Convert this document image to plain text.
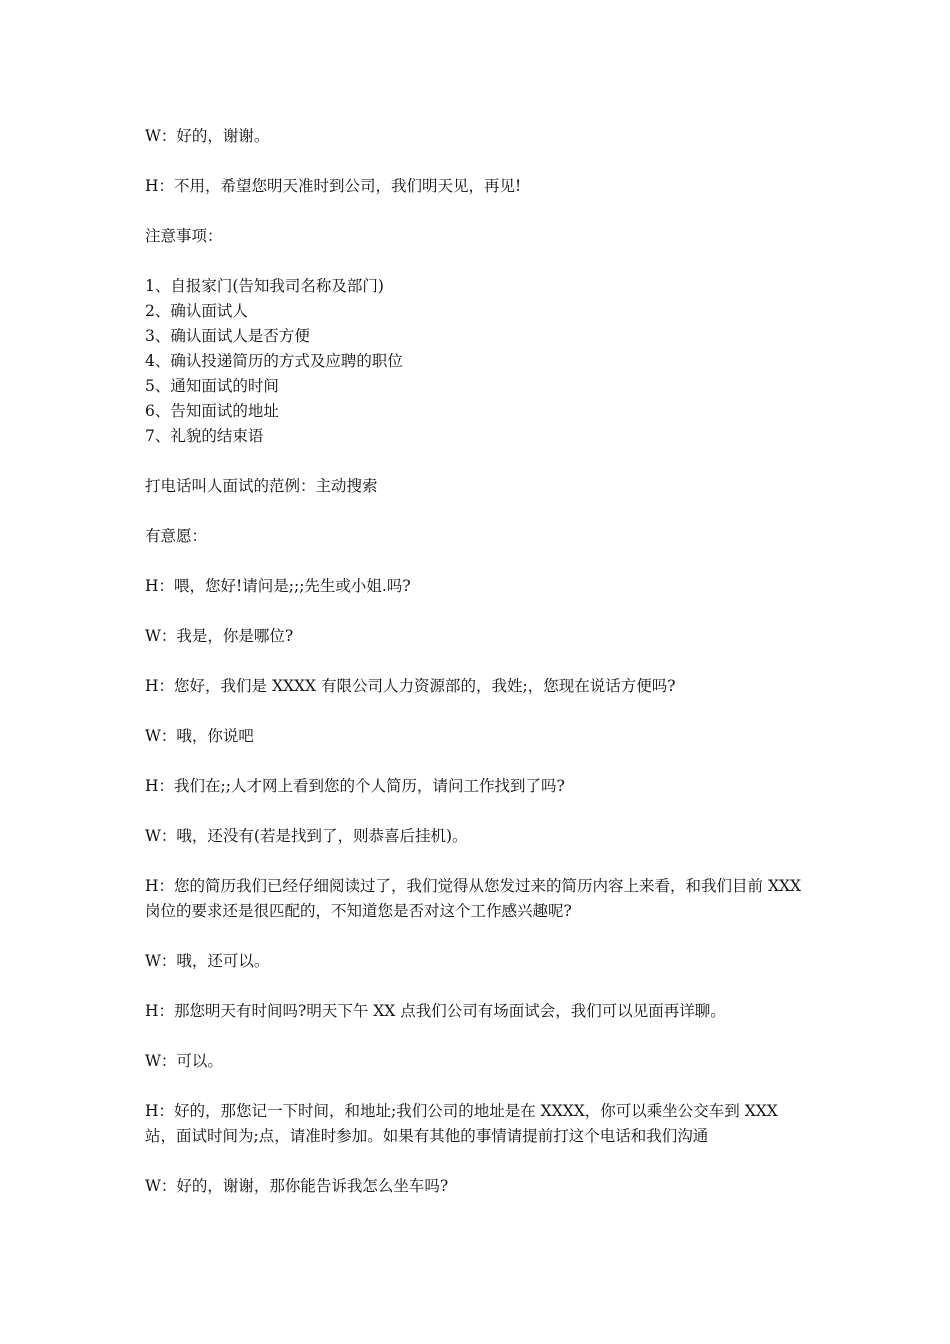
W：好的，谢谢。

H：不用，希望您明天准时到公司，我们明天见，再见!

注意事项：

1、自报家门(告知我司名称及部门)
2、确认面试人
3、确认面试人是否方便
4、确认投递简历的方式及应聘的职位
5、通知面试的时间
6、告知面试的地址
7、礼貌的结束语

打电话叫人面试的范例：主动搜索

有意愿：

H：喂，您好!请问是;;;先生或小姐.吗?

W：我是，你是哪位?

H：您好，我们是 XXXX 有限公司人力资源部的，我姓;，您现在说话方便吗?

W：哦，你说吧

H：我们在;;人才网上看到您的个人简历，请问工作找到了吗?

W：哦，还没有(若是找到了，则恭喜后挂机)。

H：您的简历我们已经仔细阅读过了，我们觉得从您发过来的简历内容上来看，和我们目前 XXX 岗位的要求还是很匹配的，不知道您是否对这个工作感兴趣呢?

W：哦，还可以。

H：那您明天有时间吗?明天下午 XX 点我们公司有场面试会，我们可以见面再详聊。

W：可以。

H：好的，那您记一下时间，和地址;我们公司的地址是在 XXXX，你可以乘坐公交车到 XXX 站，面试时间为;点，请准时参加。如果有其他的事情请提前打这个电话和我们沟通

W：好的，谢谢，那你能告诉我怎么坐车吗?
